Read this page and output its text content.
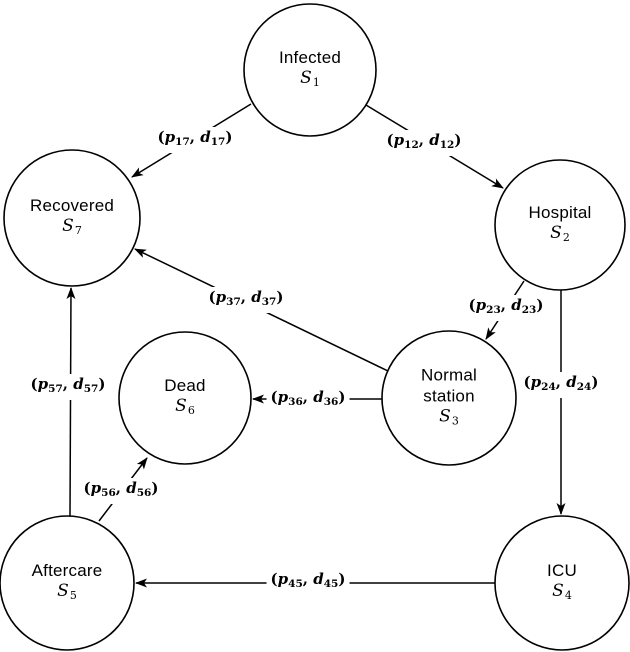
($p_{17}$, $d_{17}$)	($p_{12}$, $d_{12}$)
($p_{23}$, $d_{23}$)
($p_{24}$, $d_{24}$)
($p_{37}$, $d_{37}$)
($p_{36}$, $d_{36}$)
($p_{45}$, $d_{45}$)
($p_{56}$, $d_{56}$)
($p_{57}$, $d_{57}$)
Infected
$S_1$
Hospital
$S_2$
Normal
station
$S_3$
ICU
$S_4$
Aftercare
$S_5$
Dead
$S_6$
Recovered
$S_7$
